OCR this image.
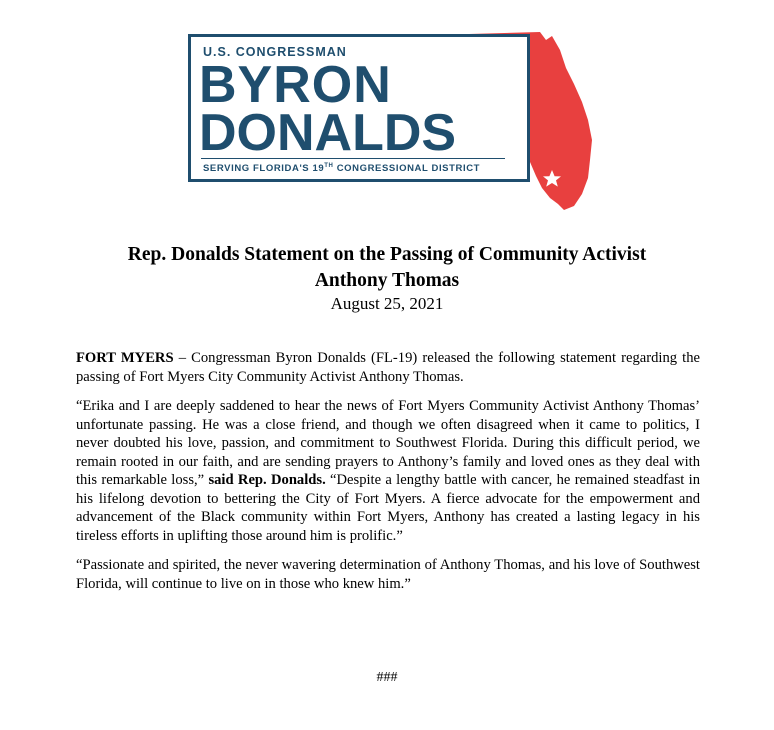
U.S. CONGRESSMAN
BYRON
DONALDS
SERVING FLORIDA'S 19TH CONGRESSIONAL DISTRICT
Rep. Donalds Statement on the Passing of Community Activist
Anthony Thomas
August 25, 2021

FORT MYERS – Congressman Byron Donalds (FL-19) released the following statement regarding the passing of Fort Myers City Community Activist Anthony Thomas.

“Erika and I are deeply saddened to hear the news of Fort Myers Community Activist Anthony Thomas’ unfortunate passing. He was a close friend, and though we often disagreed when it came to politics, I never doubted his love, passion, and commitment to Southwest Florida. During this difficult period, we remain rooted in our faith, and are sending prayers to Anthony’s family and loved ones as they deal with this remarkable loss,” said Rep. Donalds. “Despite a lengthy battle with cancer, he remained steadfast in his lifelong devotion to bettering the City of Fort Myers. A fierce advocate for the empowerment and advancement of the Black community within Fort Myers, Anthony has created a lasting legacy in his tireless efforts in uplifting those around him is prolific.”

“Passionate and spirited, the never wavering determination of Anthony Thomas, and his love of Southwest Florida, will continue to live on in those who knew him.”

###
